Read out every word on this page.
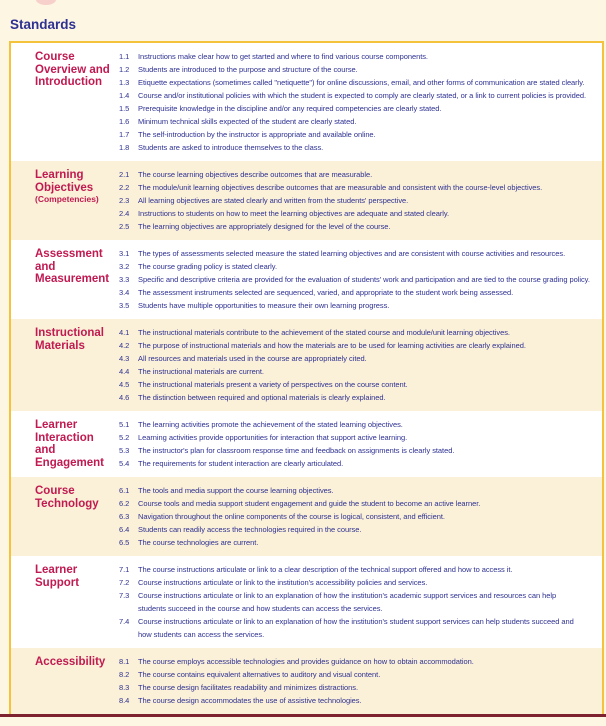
Standards
Course
Overview and
Introduction
1.1	Instructions make clear how to get started and where to find various course components.
1.2	Students are introduced to the purpose and structure of the course.
1.3	Etiquette expectations (sometimes called "netiquette") for online discussions, email, and other forms of communication are stated clearly.
1.4	Course and/or institutional policies with which the student is expected to comply are clearly stated, or a link to current policies is provided.
1.5	Prerequisite knowledge in the discipline and/or any required competencies are clearly stated.
1.6	Minimum technical skills expected of the student are clearly stated.
1.7	The self-introduction by the instructor is appropriate and available online.
1.8	Students are asked to introduce themselves to the class.
Learning
Objectives
(Competencies)
2.1	The course learning objectives describe outcomes that are measurable.
2.2	The module/unit learning objectives describe outcomes that are measurable and consistent with the course-level objectives.
2.3	All learning objectives are stated clearly and written from the students' perspective.
2.4	Instructions to students on how to meet the learning objectives are adequate and stated clearly.
2.5	The learning objectives are appropriately designed for the level of the course.
Assessment
and
Measurement
3.1	The types of assessments selected measure the stated learning objectives and are consistent with course activities and resources.
3.2	The course grading policy is stated clearly.
3.3	Specific and descriptive criteria are provided for the evaluation of students' work and participation and are tied to the course grading policy.
3.4	The assessment instruments selected are sequenced, varied, and appropriate to the student work being assessed.
3.5	Students have multiple opportunities to measure their own learning progress.
Instructional
Materials
4.1	The instructional materials contribute to the achievement of the stated course and module/unit learning objectives.
4.2	The purpose of instructional materials and how the materials are to be used for learning activities are clearly explained.
4.3	All resources and materials used in the course are appropriately cited.
4.4	The instructional materials are current.
4.5	The instructional materials present a variety of perspectives on the course content.
4.6	The distinction between required and optional materials is clearly explained.
Learner
Interaction
and
Engagement
5.1	The learning activities promote the achievement of the stated learning objectives.
5.2	Learning activities provide opportunities for interaction that support active learning.
5.3	The instructor's plan for classroom response time and feedback on assignments is clearly stated.
5.4	The requirements for student interaction are clearly articulated.
Course
Technology
6.1	The tools and media support the course learning objectives.
6.2	Course tools and media support student engagement and guide the student to become an active learner.
6.3	Navigation throughout the online components of the course is logical, consistent, and efficient.
6.4	Students can readily access the technologies required in the course.
6.5	The course technologies are current.
Learner
Support
7.1	The course instructions articulate or link to a clear description of the technical support offered and how to access it.
7.2	Course instructions articulate or link to the institution's accessibility policies and services.
7.3	Course instructions articulate or link to an explanation of how the institution's academic support services and resources can help
students succeed in the course and how students can access the services.
7.4	Course instructions articulate or link to an explanation of how the institution's student support services can help students succeed and
how students can access the services.
Accessibility	8.1	The course employs accessible technologies and provides guidance on how to obtain accommodation.
8.2	The course contains equivalent alternatives to auditory and visual content.
8.3	The course design facilitates readability and minimizes distractions.
8.4	The course design accommodates the use of assistive technologies.
